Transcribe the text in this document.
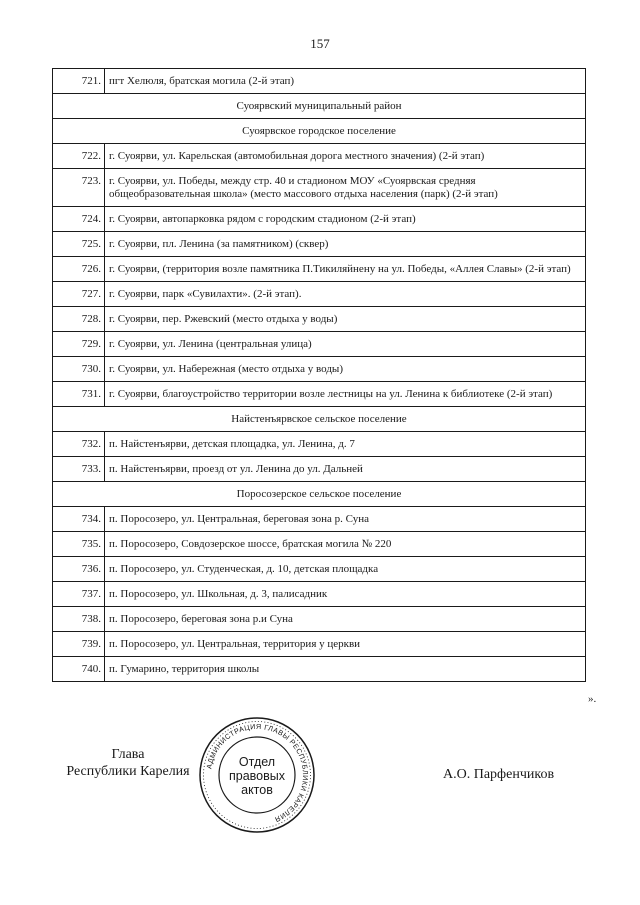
157
721.	пгт Хелюля, братская могила (2-й этап)
Суоярвский муниципальный район	
Суоярвское городское поселение	
722.	г. Суоярви, ул. Карельская (автомобильная дорога местного значения) (2-й этап)
723.	г. Суоярви, ул. Победы, между стр. 40 и стадионом МОУ «Суоярвская средняя общеобразовательная школа» (место массового отдыха населения (парк) (2-й этап)
724.	г. Суоярви, автопарковка рядом с городским стадионом (2-й этап)
725.	г. Суоярви, пл. Ленина (за памятником) (сквер)
726.	г. Суоярви, (территория возле памятника П.Тикиляйнену на ул. Победы, «Аллея Славы» (2-й этап)
727.	г. Суоярви, парк «Сувилахти». (2-й этап).
728.	г. Суоярви, пер. Ржевский (место отдыха у воды)
729.	г. Суоярви, ул. Ленина (центральная улица)
730.	г. Суоярви, ул. Набережная (место отдыха у воды)
731.	г. Суоярви, благоустройство территории возле лестницы на ул. Ленина к библиотеке (2-й этап)
Найстенъярвское сельское поселение	
732.	п. Найстенъярви, детская площадка, ул. Ленина, д. 7
733.	п. Найстенъярви, проезд от ул. Ленина до ул. Дальней
Поросозерское сельское поселение	
734.	п. Поросозеро, ул. Центральная, береговая зона р. Суна
735.	п. Поросозеро, Совдозерское шоссе, братская могила № 220
736.	п. Поросозеро, ул. Студенческая, д. 10, детская площадка
737.	п. Поросозеро, ул. Школьная, д. 3, палисадник
738.	п. Поросозеро, береговая зона р.и Суна
739.	п. Поросозеро, ул. Центральная, территория у церкви
740.	п. Гумарино, территория школы
».
Глава
Республики Карелия	АДМИНИСТРАЦИЯ ГЛАВЫ РЕСПУБЛИКИ КАРЕЛИЯ
Отдел
правовых
актов
А.О. Парфенчиков
